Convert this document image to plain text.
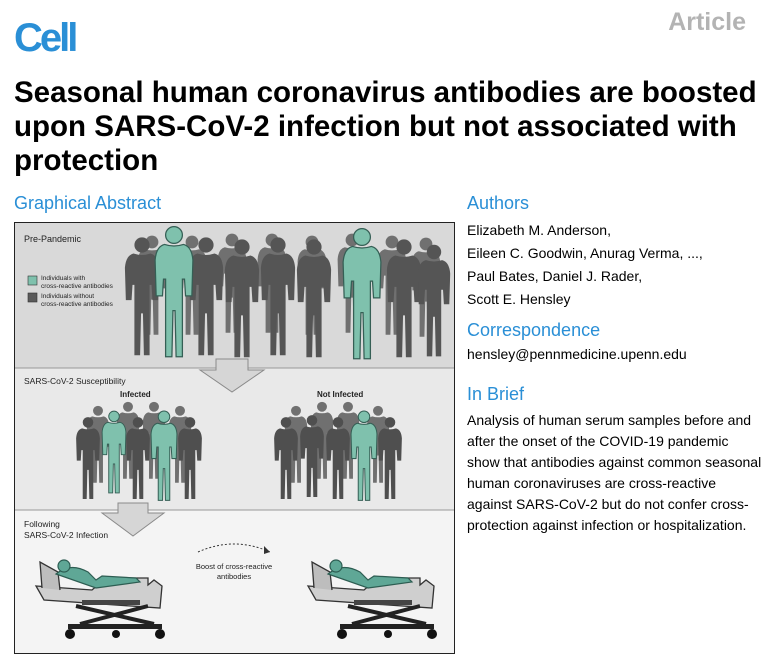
Cell	Article
Seasonal human coronavirus antibodies are boosted upon SARS-CoV-2 infection but not associated with protection
Graphical Abstract
Pre-Pandemic
Individuals with
cross-reactive antibodies
Individuals without
cross-reactive antibodies
SARS-CoV-2 Susceptibility
Infected	Not Infected
Following
SARS-CoV-2 Infection
Boost of cross-reactive
antibodies
Authors
Elizabeth M. Anderson,
Eileen C. Goodwin, Anurag Verma, ...,
Paul Bates, Daniel J. Rader,
Scott E. Hensley
Correspondence
hensley@pennmedicine.upenn.edu
In Brief
Analysis of human serum samples before and after the onset of the COVID-19 pandemic show that antibodies against common seasonal human coronaviruses are cross-reactive against SARS-CoV-2 but do not confer cross-protection against infection or hospitalization.
